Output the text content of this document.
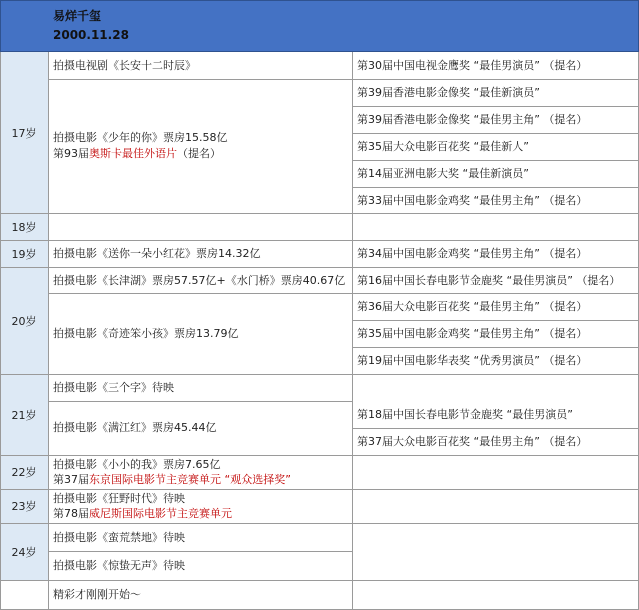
易烊千玺
2000.11.28
17岁
18岁
19岁
20岁
21岁
22岁
23岁
24岁
拍摄电视剧《长安十二时辰》
拍摄电影《少年的你》票房15.58亿
第93届奥斯卡最佳外语片（提名）
拍摄电影《送你一朵小红花》票房14.32亿
拍摄电影《长津湖》票房57.57亿+《水门桥》票房40.67亿
拍摄电影《奇迹笨小孩》票房13.79亿
拍摄电影《三个字》待映
拍摄电影《满江红》票房45.44亿
拍摄电影《小小的我》票房7.65亿
第37届东京国际电影节主竞赛单元 “观众选择奖”
拍摄电影《狂野时代》待映
第78届威尼斯国际电影节主竞赛单元
拍摄电影《蛮荒禁地》待映
拍摄电影《惊蛰无声》待映
精彩才刚刚开始～
第30届中国电视金鹰奖 “最佳男演员” （提名）
第39届香港电影金像奖 “最佳新演员”
第39届香港电影金像奖 “最佳男主角” （提名）
第35届大众电影百花奖 “最佳新人”
第14届亚洲电影大奖 “最佳新演员”
第33届中国电影金鸡奖 “最佳男主角” （提名）
第34届中国电影金鸡奖 “最佳男主角” （提名）
第16届中国长春电影节金鹿奖 “最佳男演员” （提名）
第36届大众电影百花奖 “最佳男主角” （提名）
第35届中国电影金鸡奖 “最佳男主角” （提名）
第19届中国电影华表奖 “优秀男演员” （提名）
第18届中国长春电影节金鹿奖 “最佳男演员”
第37届大众电影百花奖 “最佳男主角” （提名）
